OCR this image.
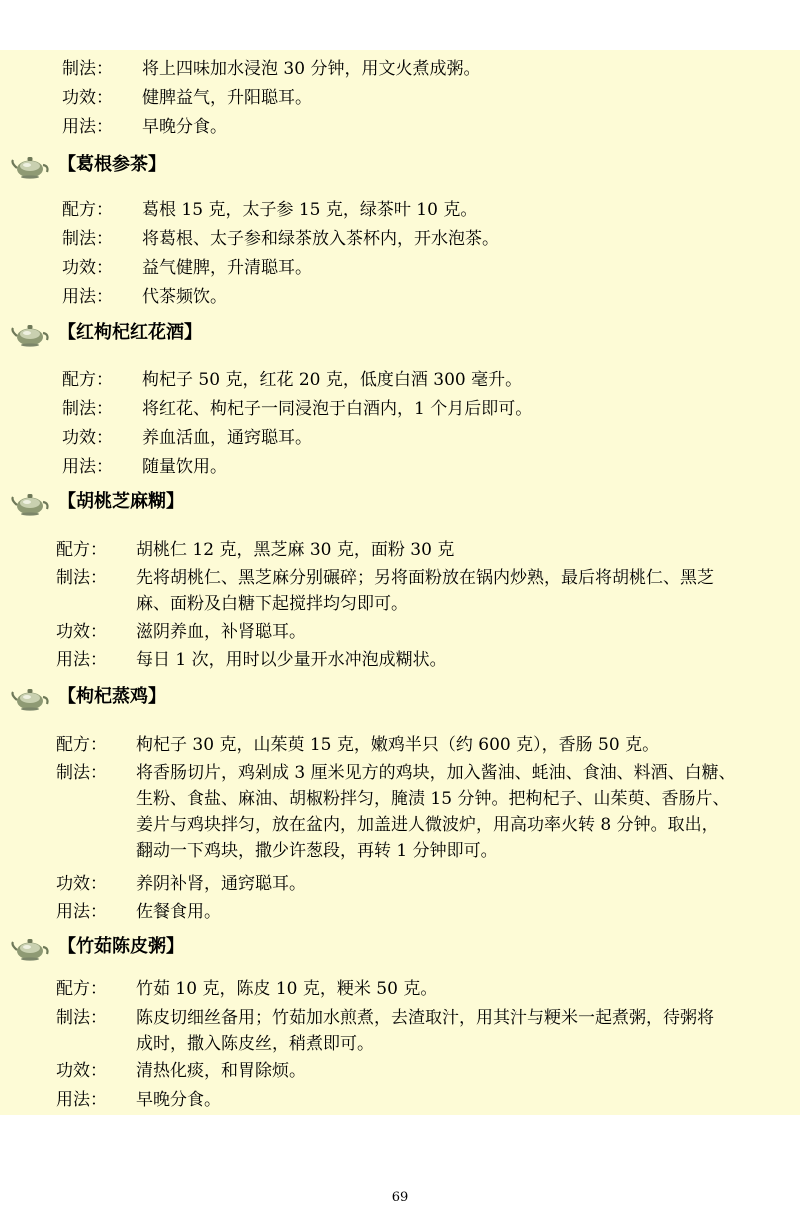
制法： 将上四味加水浸泡 30 分钟，用文火煮成粥。
功效： 健脾益气，升阳聪耳。
用法： 早晚分食。
【葛根参茶】
配方： 葛根 15 克，太子参 15 克，绿茶叶 10 克。
制法： 将葛根、太子参和绿茶放入茶杯内，开水泡茶。
功效： 益气健脾，升清聪耳。
用法： 代茶频饮。
【红枸杞红花酒】
配方： 枸杞子 50 克，红花 20 克，低度白酒 300 毫升。
制法： 将红花、枸杞子一同浸泡于白酒内，1 个月后即可。
功效： 养血活血，通窍聪耳。
用法： 随量饮用。
【胡桃芝麻糊】
配方： 胡桃仁 12 克，黑芝麻 30 克，面粉 30 克
制法： 先将胡桃仁、黑芝麻分别碾碎；另将面粉放在锅内炒熟，最后将胡桃仁、黑芝
麻、面粉及白糖下起搅拌均匀即可。
功效： 滋阴养血，补肾聪耳。
用法： 每日 1 次，用时以少量开水冲泡成糊状。
【枸杞蒸鸡】
配方： 枸杞子 30 克，山茱萸 15 克，嫩鸡半只（约 600 克），香肠 50 克。
制法： 将香肠切片，鸡剁成 3 厘米见方的鸡块，加入酱油、蚝油、食油、料酒、白糖、
生粉、食盐、麻油、胡椒粉拌匀，腌渍 15 分钟。把枸杞子、山茱萸、香肠片、
姜片与鸡块拌匀，放在盆内，加盖进人微波炉，用高功率火转 8 分钟。取出，
翻动一下鸡块，撒少许葱段，再转 1 分钟即可。
功效： 养阴补肾，通窍聪耳。
用法： 佐餐食用。
【竹茹陈皮粥】
配方： 竹茹 10 克，陈皮 10 克，粳米 50 克。
制法： 陈皮切细丝备用；竹茹加水煎煮，去渣取汁，用其汁与粳米一起煮粥，待粥将
成时，撒入陈皮丝，稍煮即可。
功效： 清热化痰，和胃除烦。
用法： 早晚分食。
69
